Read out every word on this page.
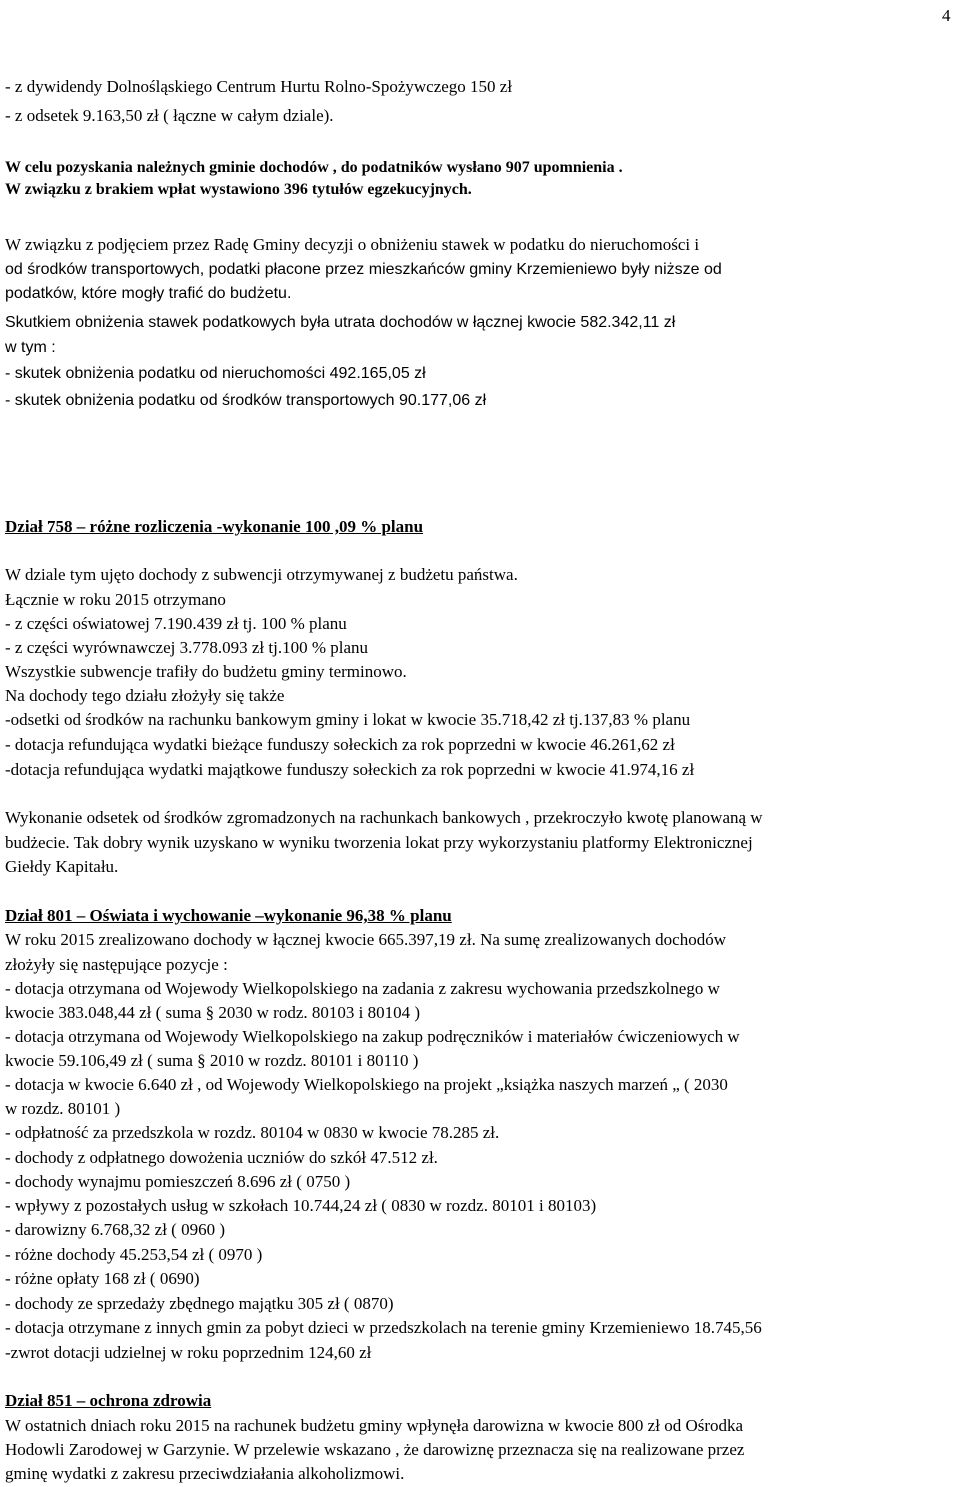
4
- z dywidendy Dolnośląskiego Centrum Hurtu Rolno-Spożywczego 150 zł
- z odsetek 9.163,50 zł ( łączne w całym dziale).
W celu pozyskania należnych gminie dochodów , do podatników wysłano 907 upomnienia .
W związku z brakiem wpłat wystawiono 396 tytułów egzekucyjnych.
W związku z podjęciem przez Radę Gminy decyzji o obniżeniu stawek w podatku do nieruchomości i
od środków transportowych, podatki płacone przez mieszkańców gminy Krzemieniewo były niższe od
podatków, które mogły trafić do budżetu.
Skutkiem obniżenia stawek podatkowych była utrata dochodów w łącznej kwocie 582.342,11 zł
w tym :
- skutek obniżenia podatku od nieruchomości 492.165,05 zł
- skutek obniżenia podatku od środków transportowych 90.177,06 zł
Dział 758 – różne rozliczenia -wykonanie 100 ,09 % planu
W dziale tym ujęto dochody z subwencji otrzymywanej z budżetu państwa.
Łącznie w roku 2015 otrzymano
- z części oświatowej 7.190.439 zł tj. 100 % planu
- z części wyrównawczej 3.778.093 zł tj.100 % planu
Wszystkie subwencje trafiły do budżetu gminy terminowo.
Na dochody tego działu złożyły się także
-odsetki od środków na rachunku bankowym gminy i lokat w kwocie 35.718,42 zł tj.137,83 % planu
- dotacja refundująca wydatki bieżące funduszy sołeckich za rok poprzedni w kwocie 46.261,62 zł
-dotacja refundująca wydatki majątkowe funduszy sołeckich za rok poprzedni w kwocie 41.974,16 zł
Wykonanie odsetek od środków zgromadzonych na rachunkach bankowych , przekroczyło kwotę planowaną w
budżecie. Tak dobry wynik uzyskano w wyniku tworzenia lokat przy wykorzystaniu platformy Elektronicznej
Giełdy Kapitału.
Dział 801 – Oświata i wychowanie –wykonanie 96,38 % planu
W roku 2015 zrealizowano dochody w łącznej kwocie 665.397,19 zł. Na sumę zrealizowanych dochodów
złożyły się następujące pozycje :
- dotacja otrzymana od Wojewody Wielkopolskiego na zadania z zakresu wychowania przedszkolnego w
kwocie 383.048,44 zł ( suma § 2030 w rodz. 80103 i 80104 )
- dotacja otrzymana od Wojewody Wielkopolskiego na zakup podręczników i materiałów ćwiczeniowych w
kwocie 59.106,49 zł ( suma § 2010 w rozdz. 80101 i 80110 )
- dotacja w kwocie 6.640 zł , od Wojewody Wielkopolskiego na projekt „książka naszych marzeń „ ( 2030
w rozdz. 80101 )
- odpłatność za przedszkola w rozdz. 80104 w 0830 w kwocie 78.285 zł.
- dochody z odpłatnego dowożenia uczniów do szkół 47.512 zł.
- dochody wynajmu pomieszczeń 8.696 zł ( 0750 )
- wpływy z pozostałych usług w szkołach 10.744,24 zł ( 0830 w rozdz. 80101 i 80103)
- darowizny 6.768,32 zł ( 0960 )
- różne dochody 45.253,54 zł ( 0970 )
- różne opłaty 168 zł ( 0690)
- dochody ze sprzedaży zbędnego majątku 305 zł ( 0870)
- dotacja otrzymane z innych gmin za pobyt dzieci w przedszkolach na terenie gminy Krzemieniewo 18.745,56
-zwrot dotacji udzielnej w roku poprzednim 124,60 zł
Dział 851 – ochrona zdrowia
W ostatnich dniach roku 2015 na rachunek budżetu gminy wpłynęła darowizna w kwocie 800 zł od Ośrodka
Hodowli Zarodowej w Garzynie. W przelewie wskazano , że darowiznę przeznacza się na realizowane przez
gminę wydatki z zakresu przeciwdziałania alkoholizmowi.
